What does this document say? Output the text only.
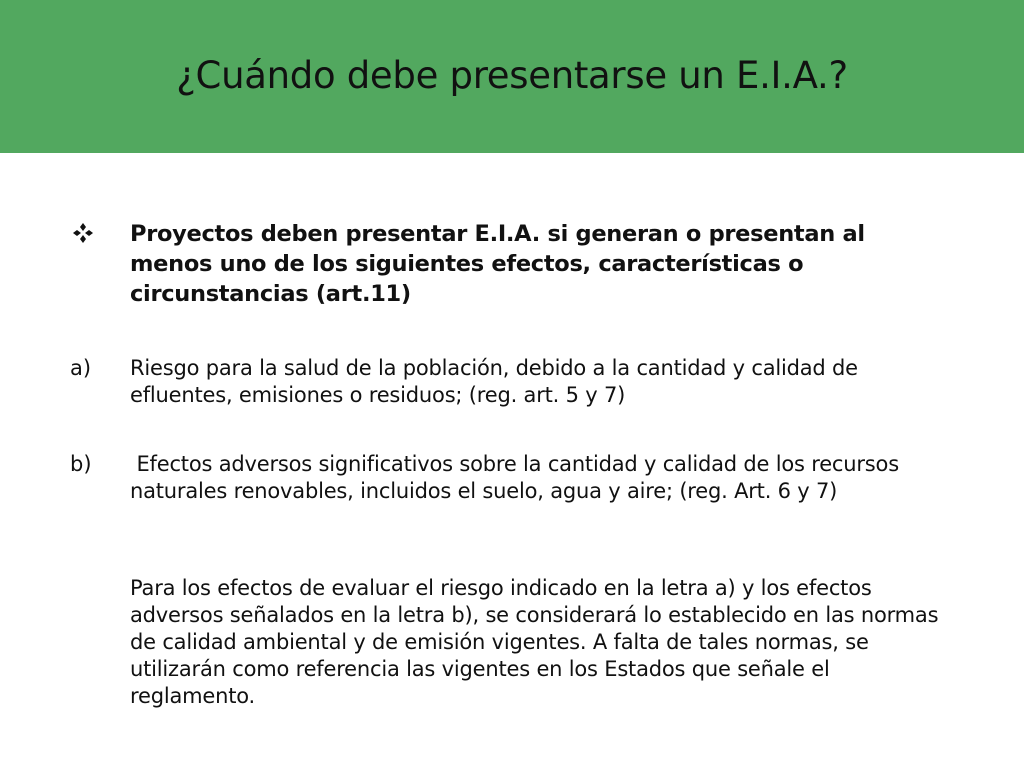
¿Cuándo debe presentarse un E.I.A.?
Proyectos deben presentar E.I.A. si generan o presentan al menos uno de los siguientes efectos, características o circunstancias (art.11)
a) Riesgo para la salud de la población, debido a la cantidad y calidad de efluentes, emisiones o residuos; (reg. art. 5 y 7)
b) Efectos adversos significativos sobre la cantidad y calidad de los recursos  naturales renovables, incluidos el suelo, agua y aire; (reg. Art. 6 y 7)
Para los efectos de evaluar el riesgo indicado en la letra a) y los efectos adversos señalados en la letra b), se considerará lo establecido en las normas de calidad ambiental y de emisión vigentes. A falta de tales normas, se utilizarán como referencia las vigentes en los Estados que señale el reglamento.
